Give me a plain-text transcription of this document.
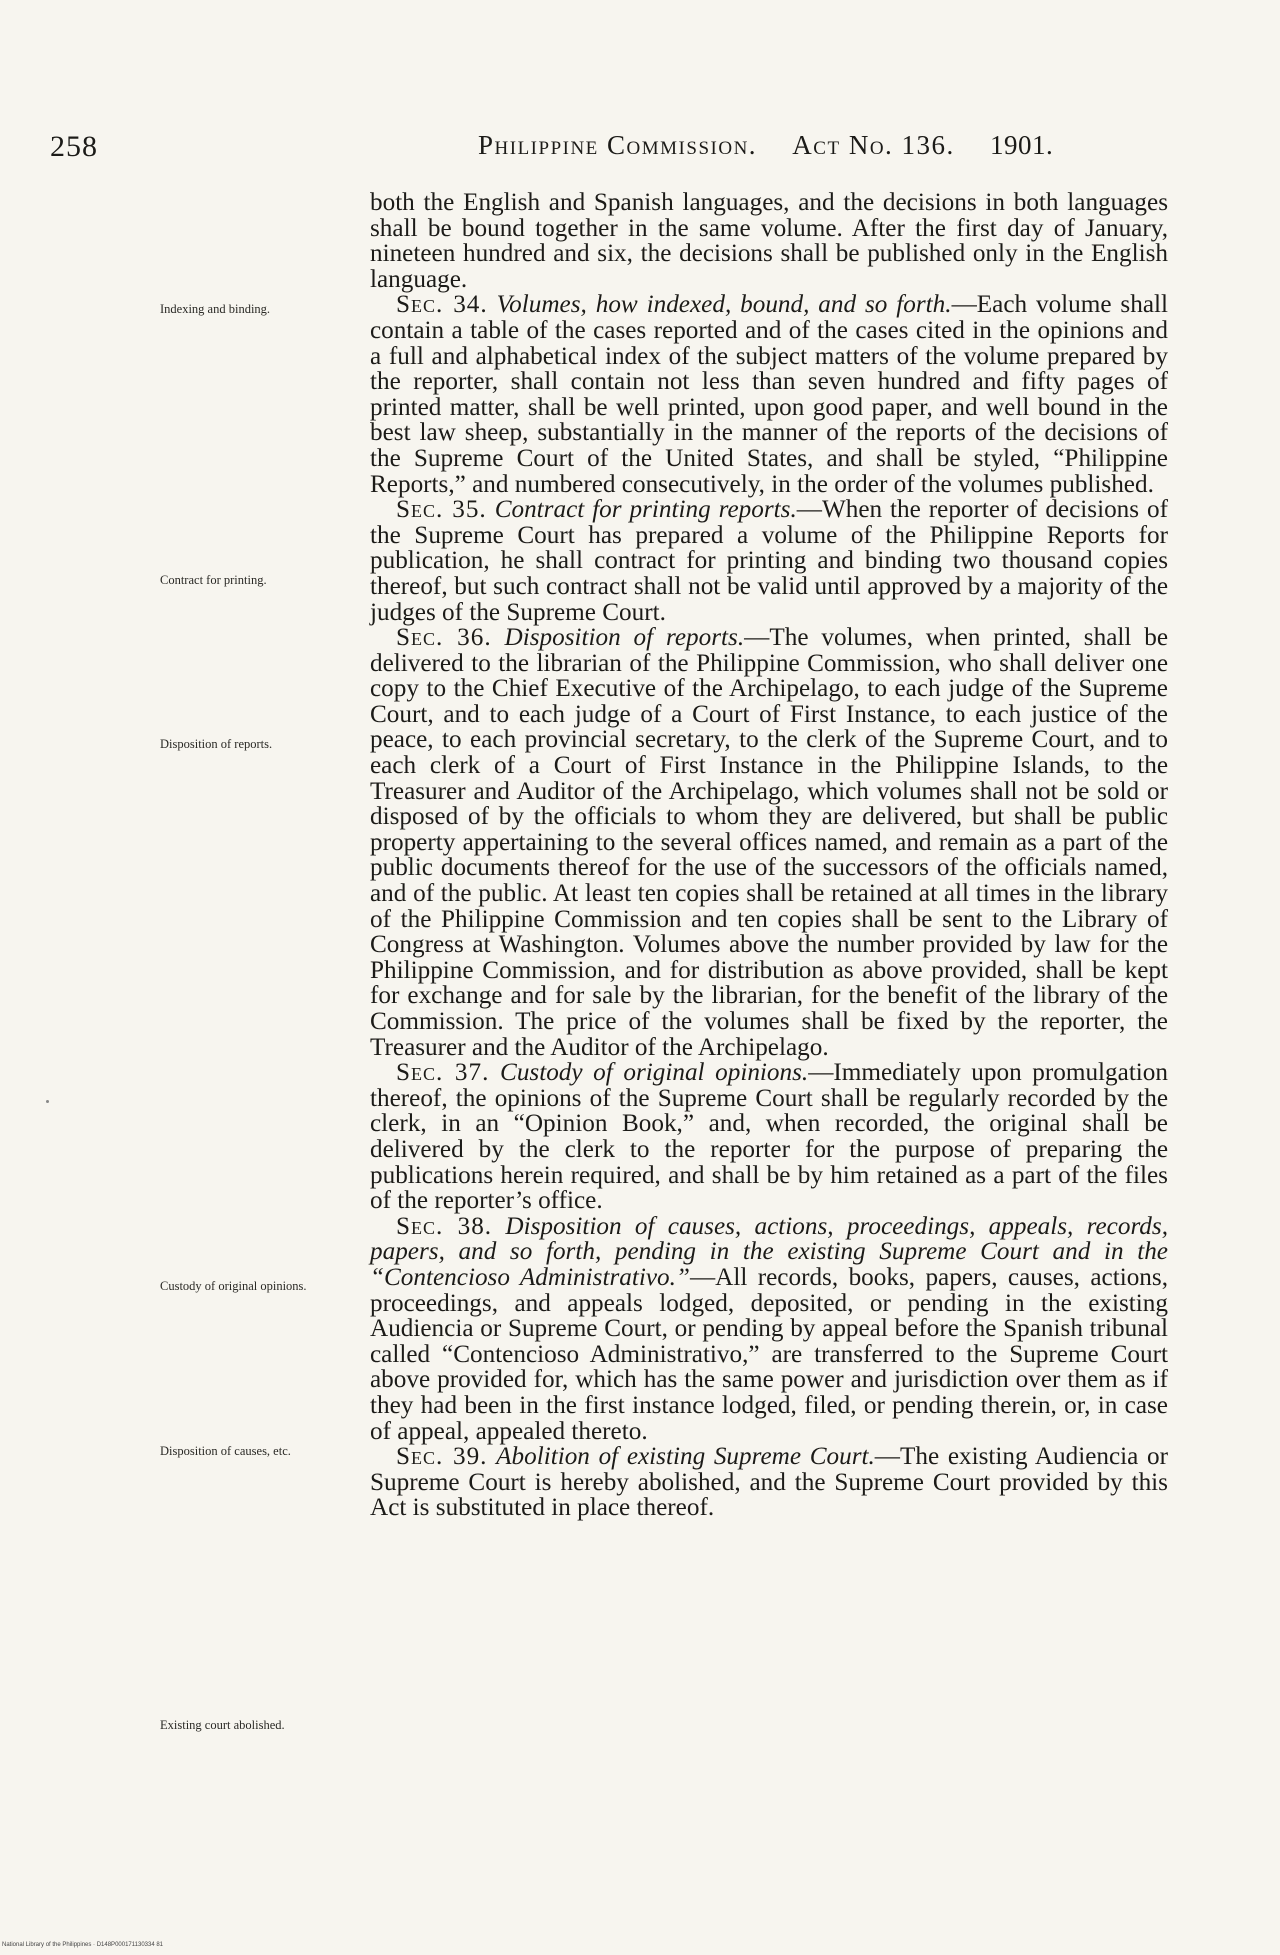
258	Philippine Commission. Act No. 136. 1901.
Indexing and binding.
Contract for printing.
Disposition of reports.
Custody of original opinions.
Disposition of causes, etc.
Existing court abolished.

both the English and Spanish languages, and the decisions in both languages shall be bound together in the same volume. After the first day of January, nineteen hundred and six, the decisions shall be published only in the English language.

Sec. 34. Volumes, how indexed, bound, and so forth.—Each volume shall contain a table of the cases reported and of the cases cited in the opinions and a full and alphabetical index of the subject matters of the volume prepared by the reporter, shall contain not less than seven hundred and fifty pages of printed matter, shall be well printed, upon good paper, and well bound in the best law sheep, substantially in the manner of the reports of the decisions of the Supreme Court of the United States, and shall be styled, “Philippine Reports,” and numbered consecutively, in the order of the volumes published.

Sec. 35. Contract for printing reports.—When the reporter of decisions of the Supreme Court has prepared a volume of the Philippine Reports for publication, he shall contract for printing and binding two thousand copies thereof, but such contract shall not be valid until approved by a majority of the judges of the Supreme Court.

Sec. 36. Disposition of reports.—The volumes, when printed, shall be delivered to the librarian of the Philippine Commission, who shall deliver one copy to the Chief Executive of the Archipelago, to each judge of the Supreme Court, and to each judge of a Court of First Instance, to each justice of the peace, to each provincial secretary, to the clerk of the Supreme Court, and to each clerk of a Court of First Instance in the Philippine Islands, to the Treasurer and Auditor of the Archipelago, which volumes shall not be sold or disposed of by the officials to whom they are delivered, but shall be public property appertaining to the several offices named, and remain as a part of the public documents thereof for the use of the successors of the officials named, and of the public. At least ten copies shall be retained at all times in the library of the Philippine Commission and ten copies shall be sent to the Library of Congress at Washington. Volumes above the number provided by law for the Philippine Commission, and for distribution as above provided, shall be kept for exchange and for sale by the librarian, for the benefit of the library of the Commission. The price of the volumes shall be fixed by the reporter, the Treasurer and the Auditor of the Archipelago.

Sec. 37. Custody of original opinions.—Immediately upon promulgation thereof, the opinions of the Supreme Court shall be regularly recorded by the clerk, in an “Opinion Book,” and, when recorded, the original shall be delivered by the clerk to the reporter for the purpose of preparing the publications herein required, and shall be by him retained as a part of the files of the reporter’s office.

Sec. 38. Disposition of causes, actions, proceedings, appeals, records, papers, and so forth, pending in the existing Supreme Court and in the “Contencioso Administrativo.”—All records, books, papers, causes, actions, proceedings, and appeals lodged, deposited, or pending in the existing Audiencia or Supreme Court, or pending by appeal before the Spanish tribunal called “Contencioso Administrativo,” are transferred to the Supreme Court above provided for, which has the same power and jurisdiction over them as if they had been in the first instance lodged, filed, or pending therein, or, in case of appeal, appealed thereto.

Sec. 39. Abolition of existing Supreme Court.—The existing Audiencia or Supreme Court is hereby abolished, and the Supreme Court provided by this Act is substituted in place thereof.

National Library of the Philippines · D148P000171130334 81
